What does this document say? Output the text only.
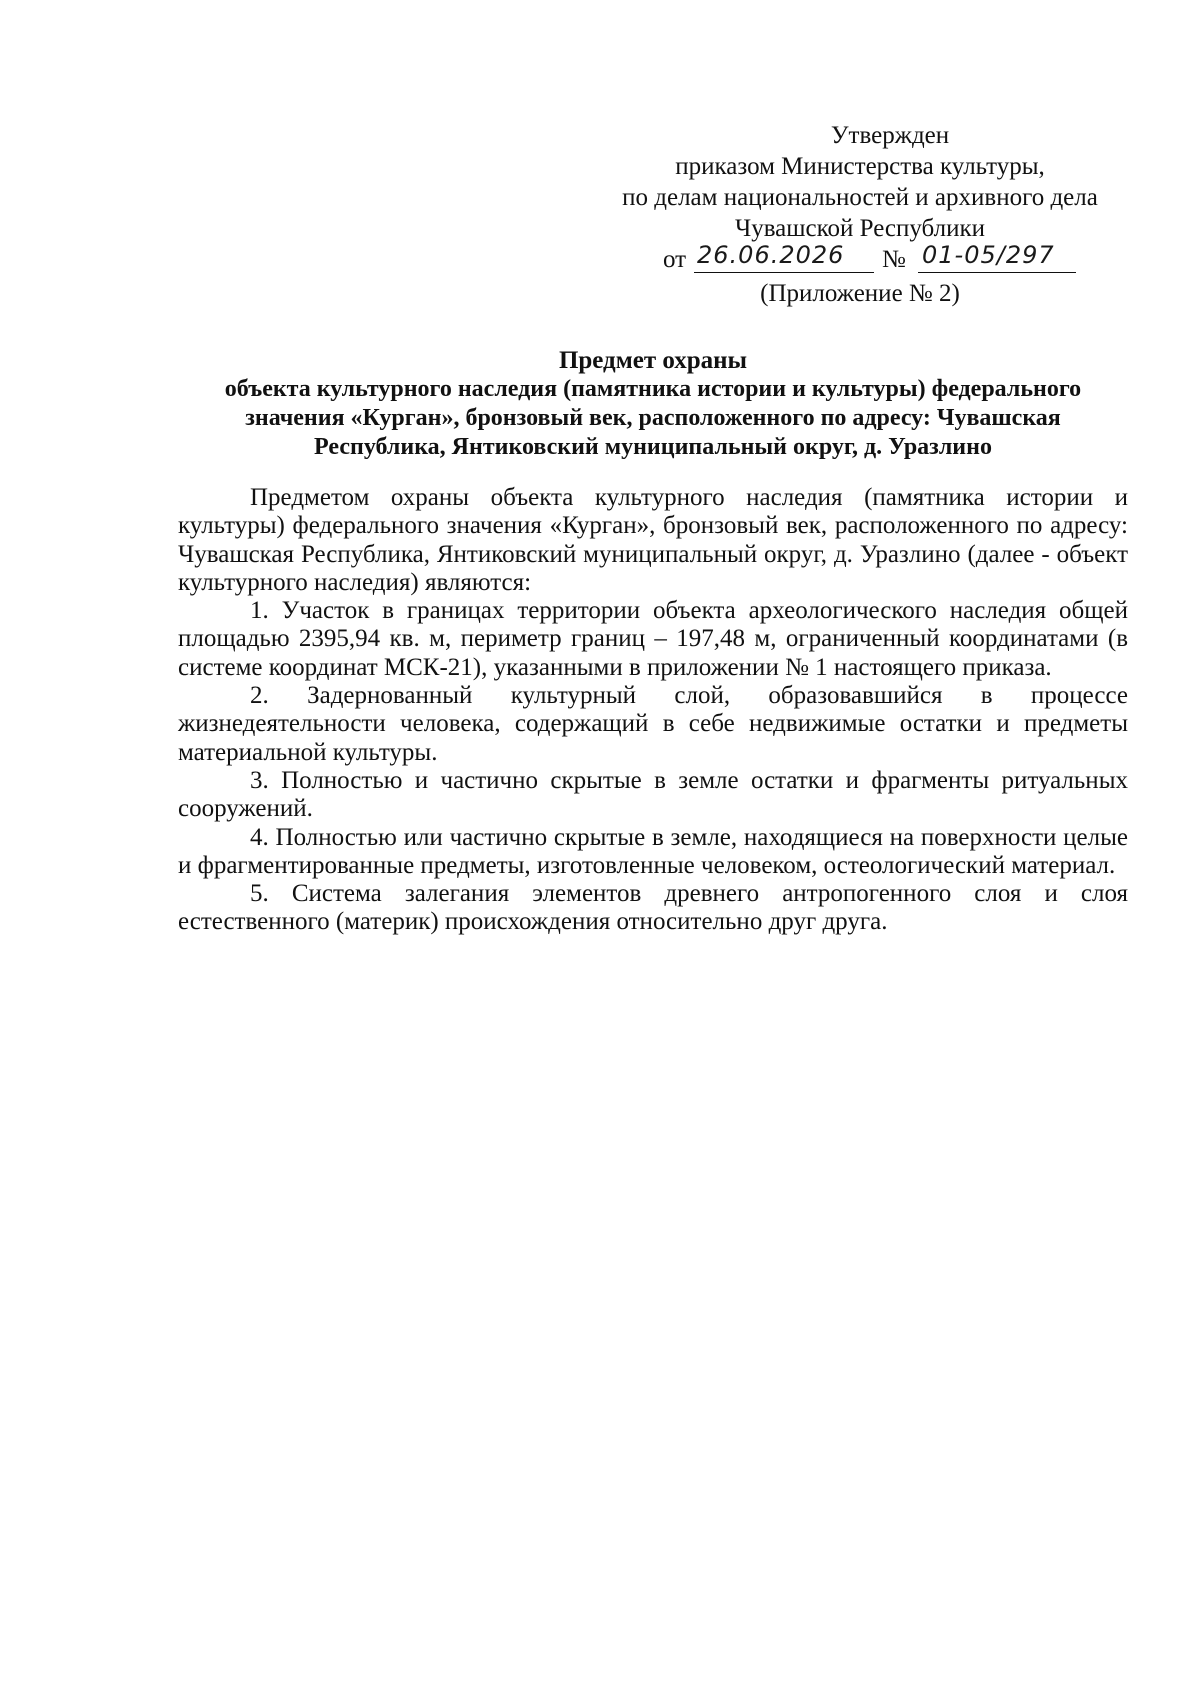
Утвержден
приказом Министерства культуры,
по делам национальностей и архивного дела
Чувашской Республики
от 26.06.2026	№ 01-05/297
(Приложение № 2)
Предмет охраны
объекта культурного наследия (памятника истории и культуры) федерального
значения «Курган», бронзовый век, расположенного по адресу: Чувашская
Республика, Янтиковский муниципальный округ, д. Уразлино

Предметом охраны объекта культурного наследия (памятника истории и культуры) федерального значения «Курган», бронзовый век, расположенного по адресу: Чувашская Республика, Янтиковский муниципальный округ, д. Уразлино (далее - объект культурного наследия) являются:

1. Участок в границах территории объекта археологического наследия общей площадью 2395,94 кв. м, периметр границ – 197,48 м, ограниченный координатами (в системе координат МСК-21), указанными в приложении № 1 настоящего приказа.

2. Задернованный культурный слой, образовавшийся в процессе жизнедеятельности человека, содержащий в себе недвижимые остатки и предметы материальной культуры.

3. Полностью и частично скрытые в земле остатки и фрагменты ритуальных сооружений.

4. Полностью или частично скрытые в земле, находящиеся на поверхности целые и фрагментированные предметы, изготовленные человеком, остеологический материал.

5. Система залегания элементов древнего антропогенного слоя и слоя естественного (материк) происхождения относительно друг друга.
